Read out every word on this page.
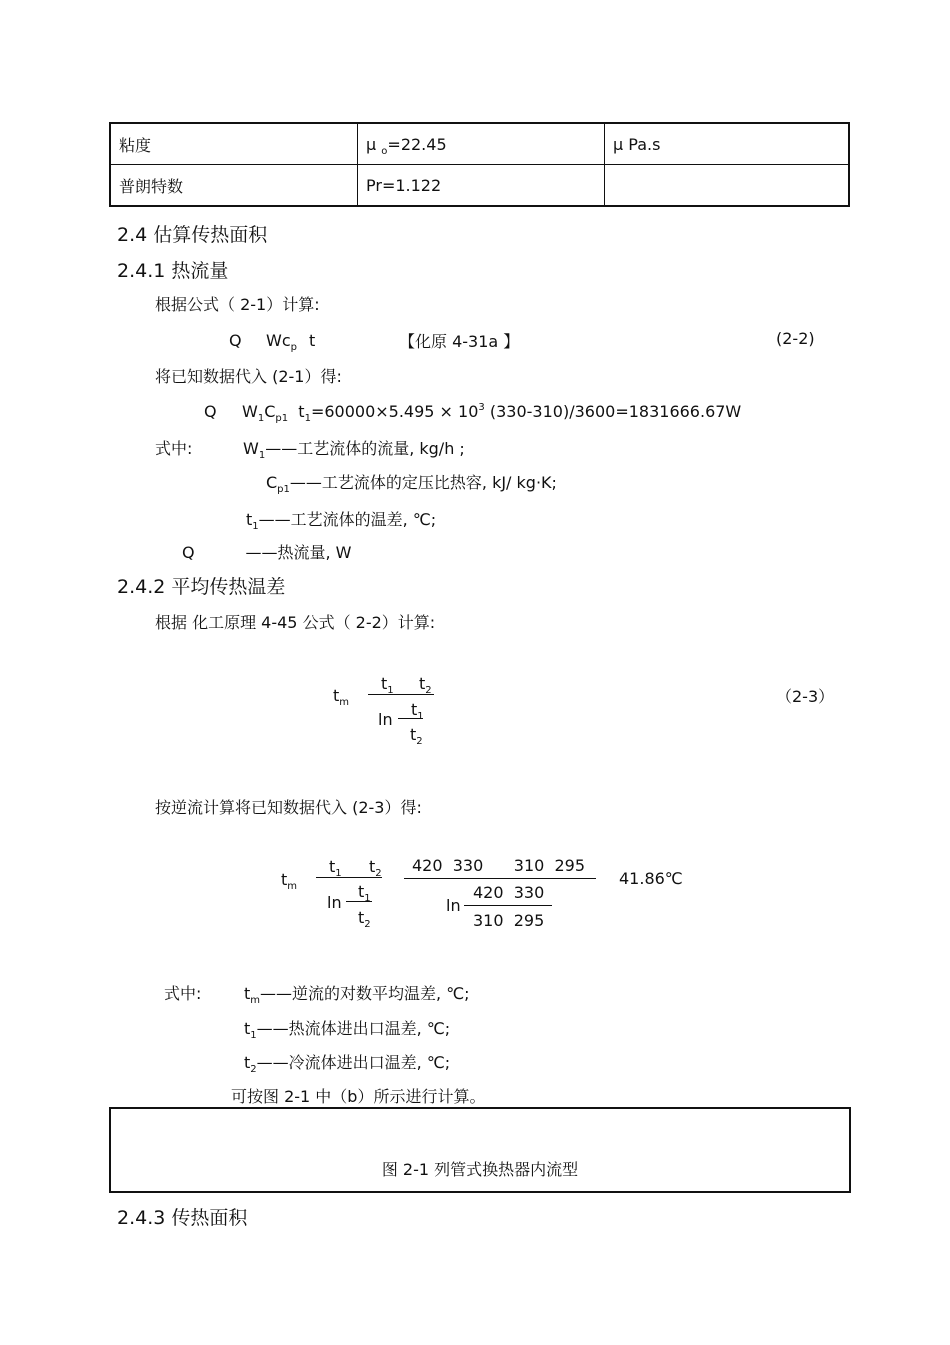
粘度	μ $_o$=22.45	μ Pa.s
普朗特数	Pr=1.122	
2.4 估算传热面积
2.4.1 热流量
根据公式（ 2-1）计算:
Q $Wc_p$ t	【化原 4-31a 】	(2-2)
将已知数据代入 (2-1）得:
Q $W_1C_{p1}$ $t_1=60000\times 5.495 \times 10^3$ (330-310)/3600=1831666.67W
式中:	$W_1——$工艺流体的流量, kg/h ;
$C_{p1}——$工艺流体的定压比热容, kJ/ kg·K;
$t_1——$工艺流体的温差, ℃;
Q	——热流量, W
2.4.2 平均传热温差
根据 化工原理 4-45 公式（ 2-2）计算:
$t_m$
$t_1$ $t_2$
ln
$t_1$
$t_2$
（2-3）
按逆流计算将已知数据代入 (2-3）得:
$t_m$
$t_1$ $t_2$
ln
$t_1$
$t_2$
420  330      310  295
ln
420  330
310  295
41.86℃
式中:	$t_m——$逆流的对数平均温差, ℃;
$t_1——$热流体进出口温差, ℃;
$t_2——$冷流体进出口温差, ℃;
可按图 2-1 中（b）所示进行计算。
图 2-1 列管式换热器内流型
2.4.3 传热面积
